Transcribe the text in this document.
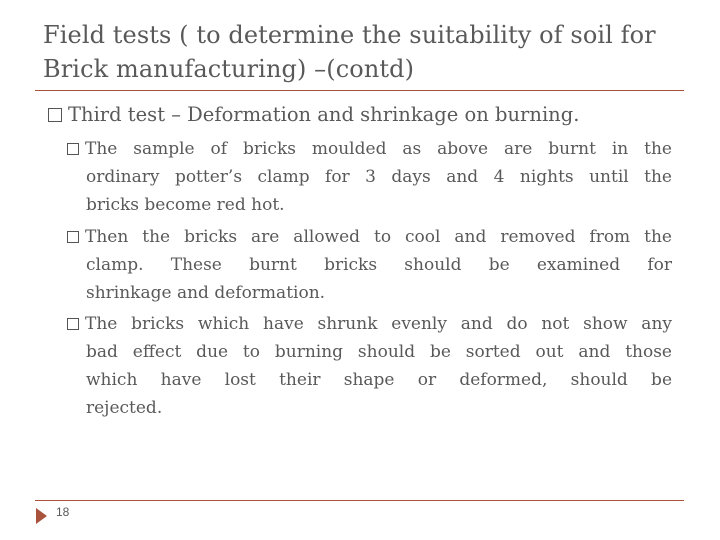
Field tests ( to determine the suitability of soil for
Brick manufacturing) –(contd)
Third test – Deformation and shrinkage on burning.
The sample of bricks moulded as above are burnt in the
ordinary potter’s clamp for 3 days and 4 nights until the
bricks become red hot.
Then the bricks are allowed to cool and removed from the
clamp. These burnt bricks should be examined for
shrinkage and deformation.
The bricks which have shrunk evenly and do not show any
bad effect due to burning should be sorted out and those
which have lost their shape or deformed, should be
rejected.
18
